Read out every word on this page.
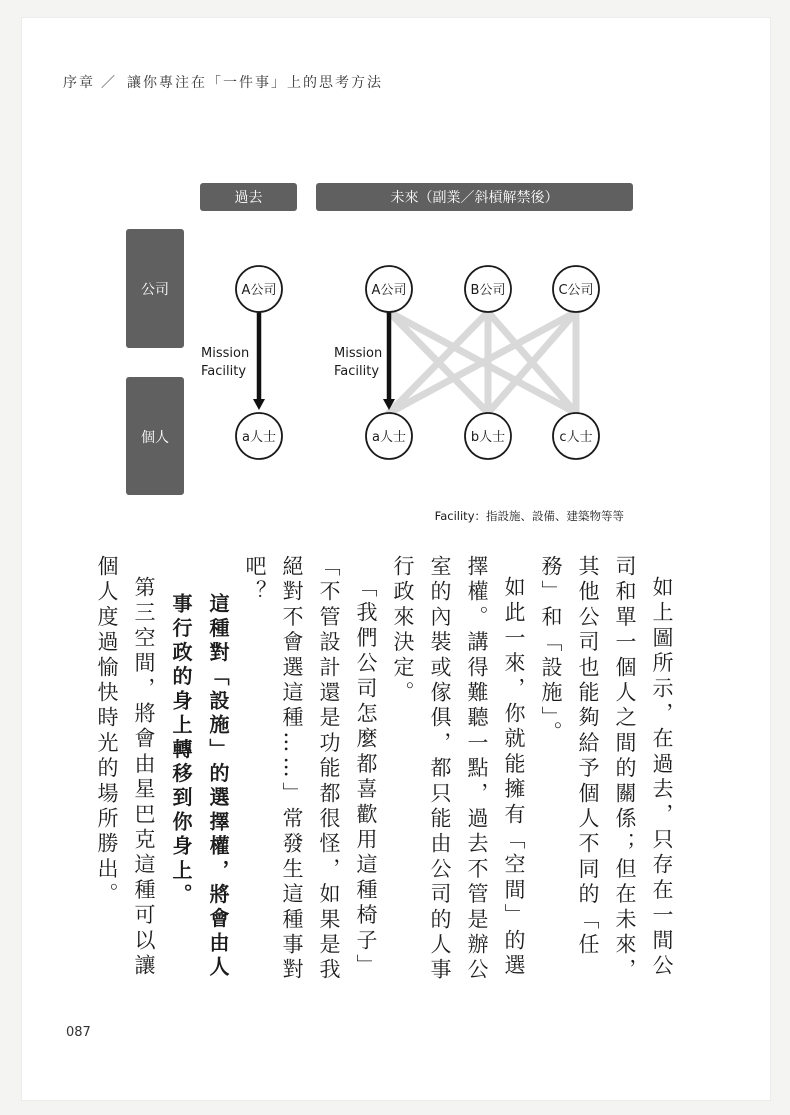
序章 ／ 讓你專注在「一件事」上的思考方法
過去	未來（副業／斜槓解禁後）
公司
個人
A公司
a人士
A公司	B公司	C公司
a人士	b人士	c人士
Mission
Facility
Mission
Facility
Facility：指設施、設備、建築物等等

如上圖所示，在過去，只存在一間公司和單一個人之間的關係；但在未來，其他公司也能夠給予個人不同的「任務」和「設施」。

如此一來，你就能擁有「空間」的選擇權。講得難聽一點，過去不管是辦公室的內裝或傢俱，都只能由公司的人事行政來決定。

「我們公司怎麼都喜歡用這種椅子」「不管設計還是功能都很怪，如果是我絕對不會選這種……」常發生這種事對吧？

這種對「設施」的選擇權，將會由人事行政的身上轉移到你身上。

第三空間，將會由星巴克這種可以讓個人度過愉快時光的場所勝出。

087
